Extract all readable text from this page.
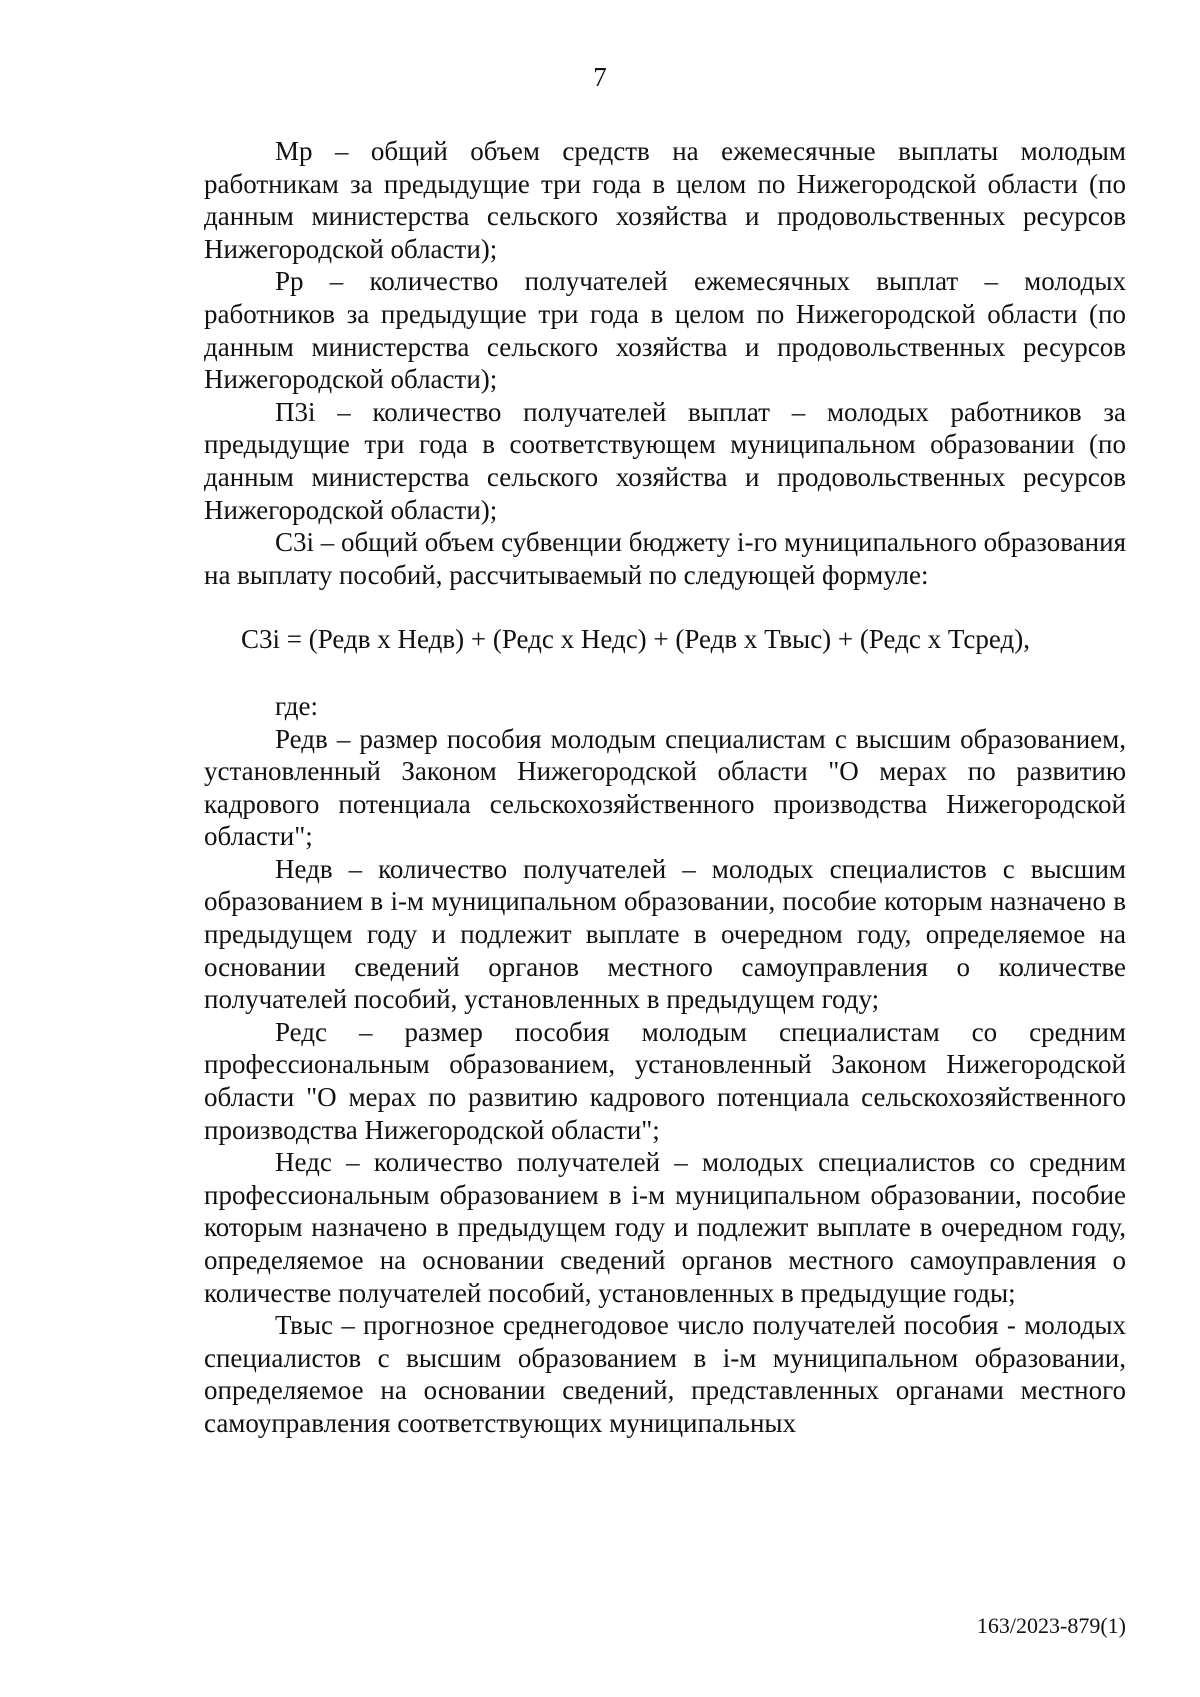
7

Мр – общий объем средств на ежемесячные выплаты молодым работникам за предыдущие три года в целом по Нижегородской области (по данным министерства сельского хозяйства и продовольственных ресурсов Нижегородской области);

Рр – количество получателей ежемесячных выплат – молодых работников за предыдущие три года в целом по Нижегородской области (по данным министерства сельского хозяйства и продовольственных ресурсов Нижегородской области);

П3i – количество получателей выплат – молодых работников за предыдущие три года в соответствующем муниципальном образовании (по данным министерства сельского хозяйства и продовольственных ресурсов Нижегородской области);

С3i – общий объем субвенции бюджету i-го муниципального образования на выплату пособий, рассчитываемый по следующей формуле:

С3i = (Редв х Недв) + (Редс х Недс) + (Редв х Твыс) + (Редс х Тсред),

где:

Редв – размер пособия молодым специалистам с высшим образованием, установленный Законом Нижегородской области "О мерах по развитию кадрового потенциала сельскохозяйственного производства Нижегородской области";

Недв – количество получателей – молодых специалистов с высшим образованием в i-м муниципальном образовании, пособие которым назначено в предыдущем году и подлежит выплате в очередном году, определяемое на основании сведений органов местного самоуправления о количестве получателей пособий, установленных в предыдущем году;

Редс – размер пособия молодым специалистам со средним профессиональным образованием, установленный Законом Нижегородской области "О мерах по развитию кадрового потенциала сельскохозяйственного производства Нижегородской области";

Недс – количество получателей – молодых специалистов со средним профессиональным образованием в i-м муниципальном образовании, пособие которым назначено в предыдущем году и подлежит выплате в очередном году, определяемое на основании сведений органов местного самоуправления о количестве получателей пособий, установленных в предыдущие годы;

Твыс – прогнозное среднегодовое число получателей пособия - молодых специалистов с высшим образованием в i-м муниципальном образовании, определяемое на основании сведений, представленных органами местного самоуправления соответствующих муниципальных

163/2023-879(1)
